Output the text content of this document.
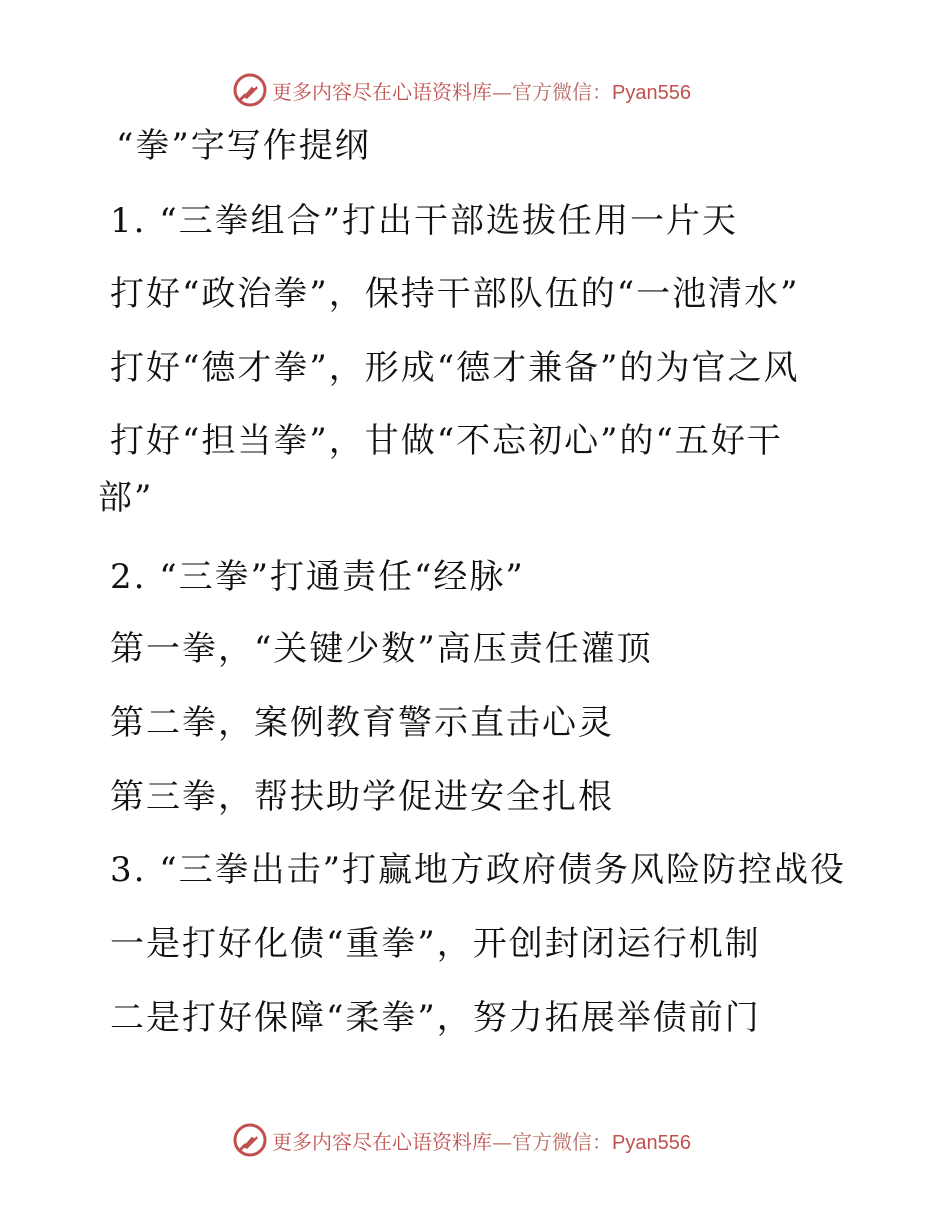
更多内容尽在心语资料库—官方微信：Pyan556
“拳”字写作提纲
1. “三拳组合”打出干部选拔任用一片天
打好“政治拳”，保持干部队伍的“一池清水”
打好“德才拳”，形成“德才兼备”的为官之风
打好“担当拳”，甘做“不忘初心”的“五好干
部”
2. “三拳”打通责任“经脉”
第一拳，“关键少数”高压责任灌顶
第二拳，案例教育警示直击心灵
第三拳，帮扶助学促进安全扎根
3. “三拳出击”打赢地方政府债务风险防控战役
一是打好化债“重拳”，开创封闭运行机制
二是打好保障“柔拳”，努力拓展举债前门
更多内容尽在心语资料库—官方微信：Pyan556
